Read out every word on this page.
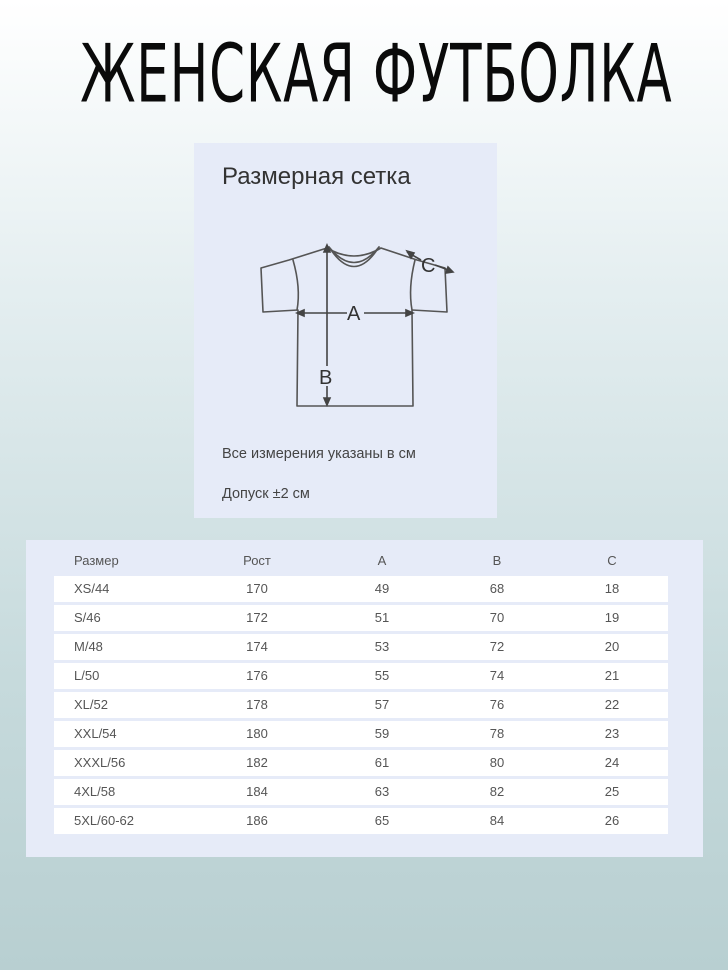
ЖЕНСКАЯ ФУТБОЛКА
Размерная сетка
A
B
C
Все измерения указаны в см
Допуск ±2 см
Размер	Рост	A	B	C
XS/44	170	49	68	18
S/46	172	51	70	19
M/48	174	53	72	20
L/50	176	55	74	21
XL/52	178	57	76	22
XXL/54	180	59	78	23
XXXL/56	182	61	80	24
4XL/58	184	63	82	25
5XL/60-62	186	65	84	26
